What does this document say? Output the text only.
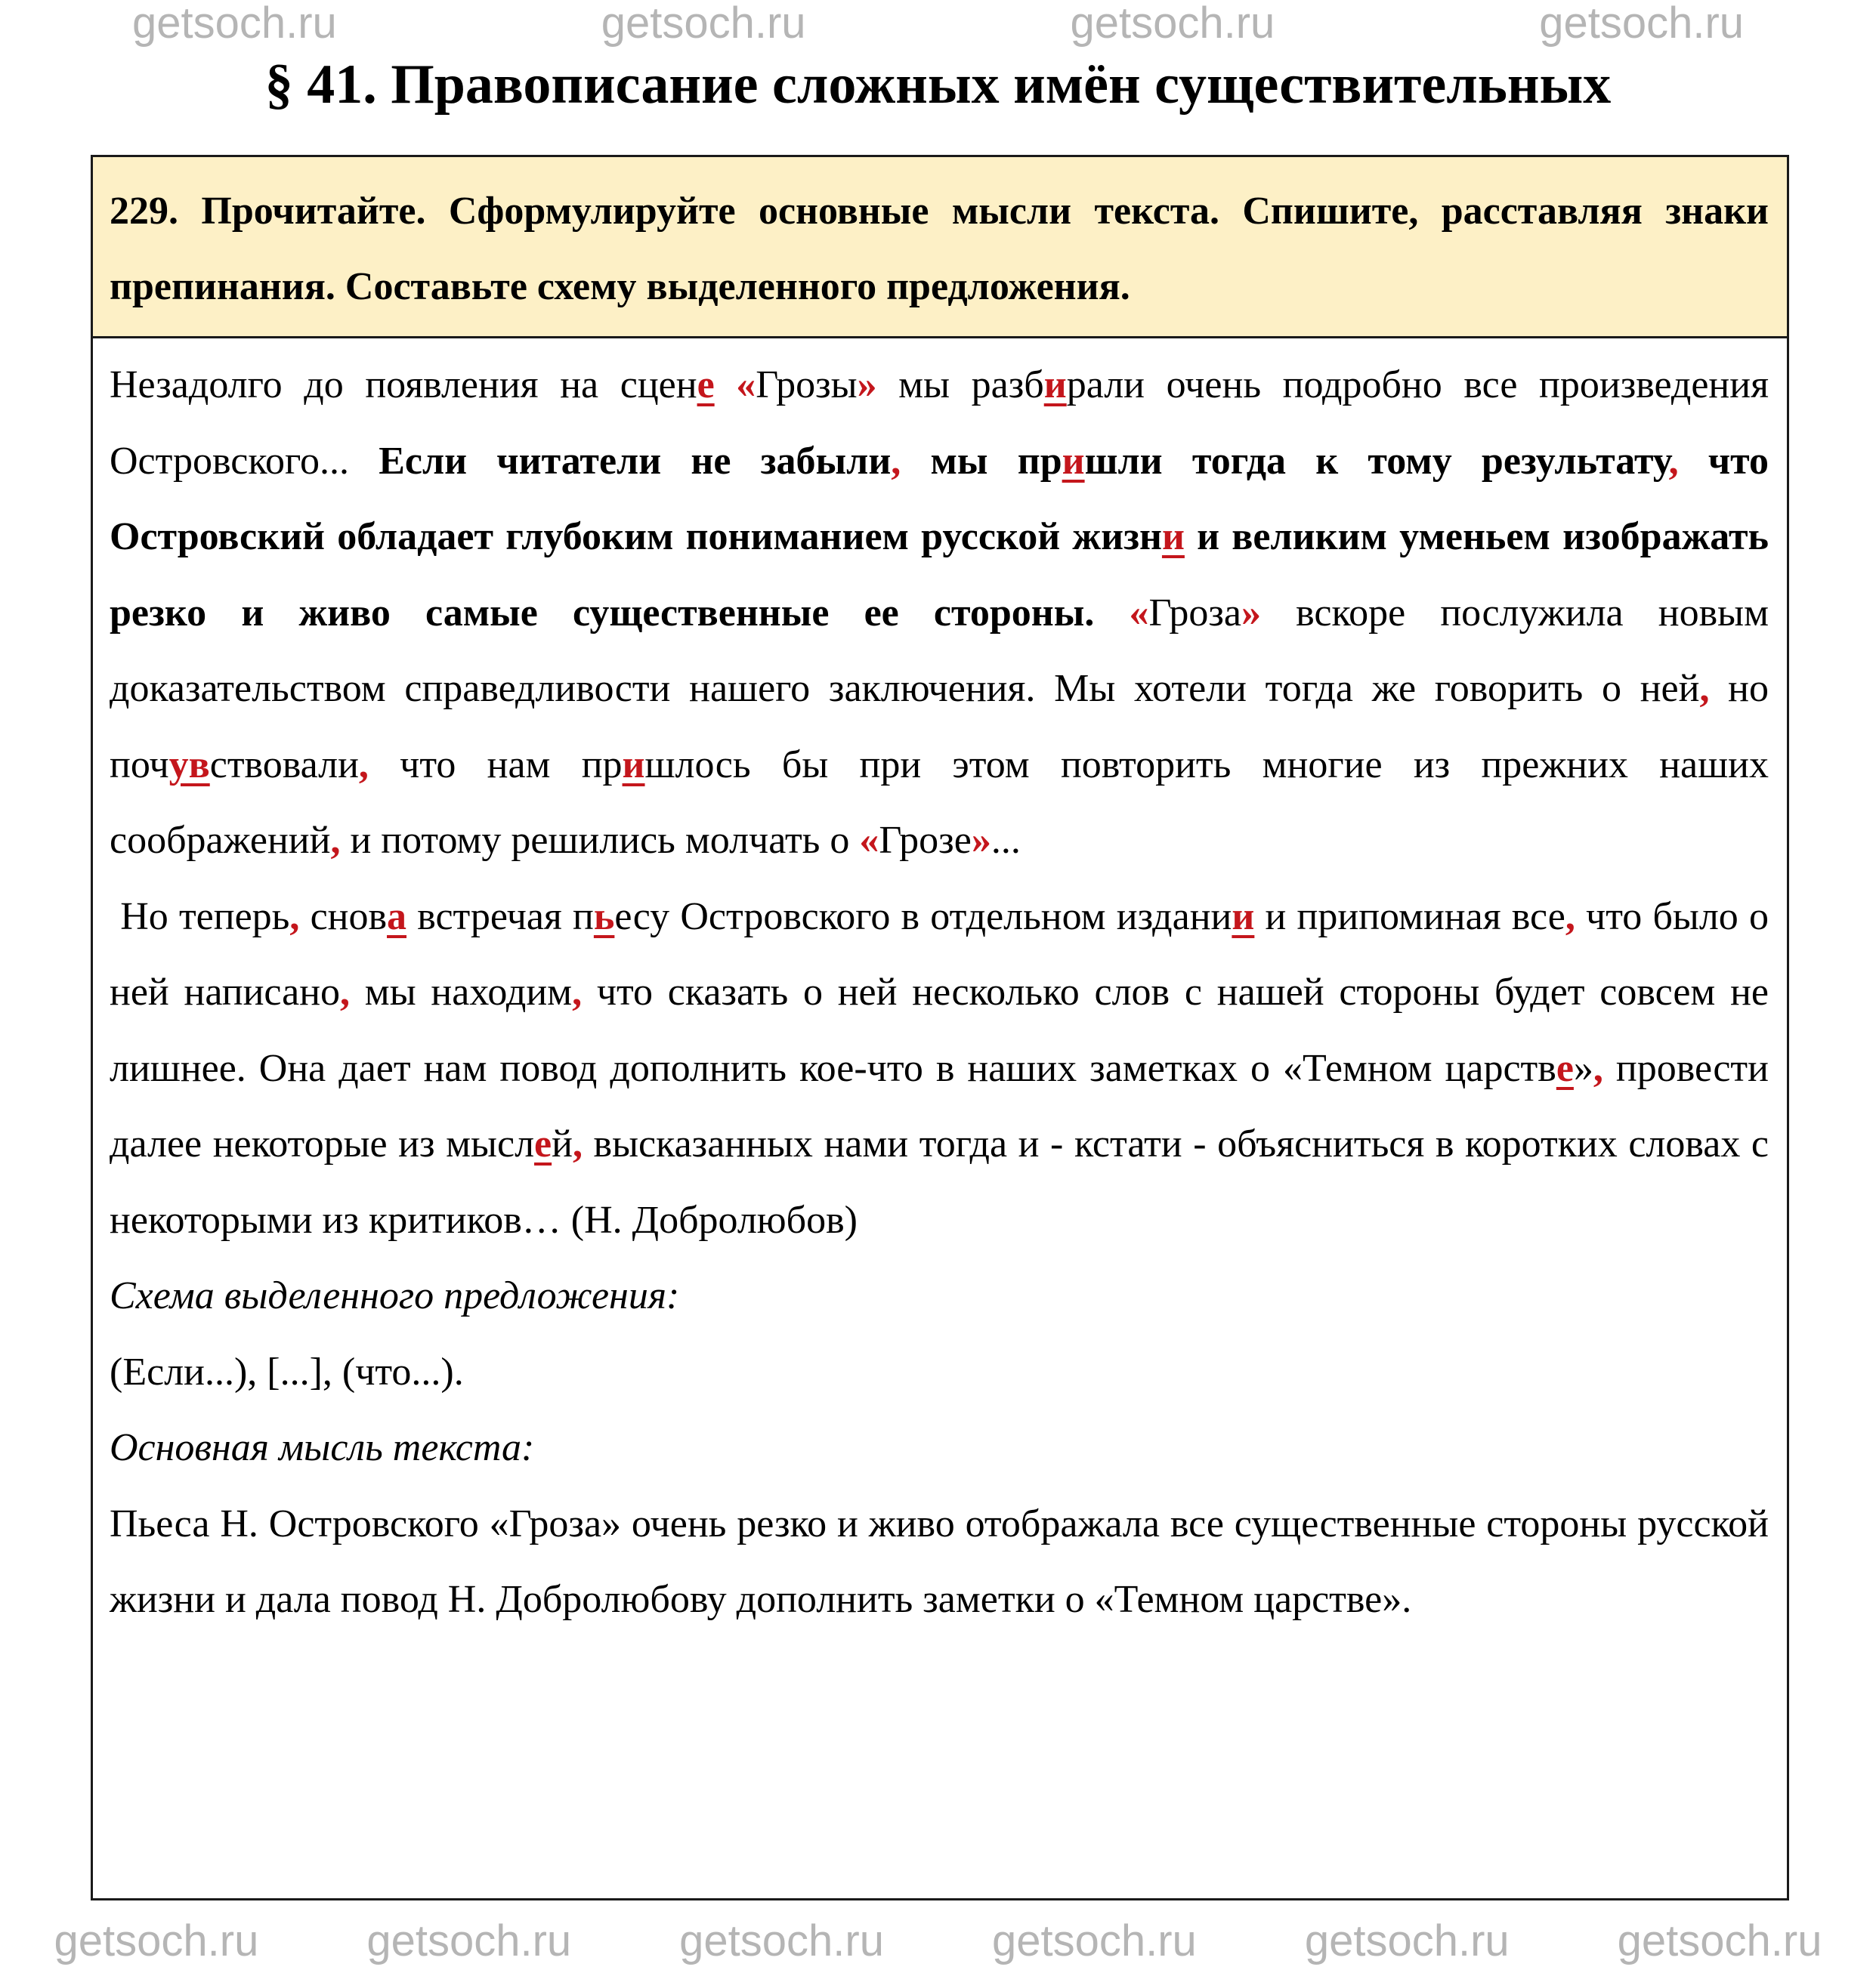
getsoch.ru	getsoch.ru	getsoch.ru	getsoch.ru
§ 41. Правописание сложных имён существительных
229. Прочитайте. Сформулируйте основные мысли текста. Спишите, расставляя знаки препинания. Составьте схему выделенного предложения.

Незадолго до появления на сцене «Грозы» мы разбирали очень подробно все произведения Островского... Если читатели не забыли, мы пришли тогда к тому результату, что Островский обладает глубоким пониманием русской жизни и великим уменьем изображать резко и живо самые существенные ее стороны. «Гроза» вскоре послужила новым доказательством справедливости нашего заключения. Мы хотели тогда же говорить о ней, но почувствовали, что нам пришлось бы при этом повторить многие из прежних наших соображений, и потому решились молчать о «Грозе»...

Но теперь, снова встречая пьесу Островского в отдельном издании и припоминая все, что было о ней написано, мы находим, что сказать о ней несколько слов с нашей стороны будет совсем не лишнее. Она дает нам повод дополнить кое-что в наших заметках о «Темном царстве», провести далее некоторые из мыслей, высказанных нами тогда и - кстати - объясниться в коротких словах с некоторыми из критиков… (Н. Добролюбов)

Схема выделенного предложения:

(Если...), [...], (что...).

Основная мысль текста:

Пьеса Н. Островского «Гроза» очень резко и живо отображала все существенные стороны русской жизни и дала повод Н. Добролюбову дополнить заметки о «Темном царстве».

getsoch.ru getsoch.ru getsoch.ru getsoch.ru getsoch.ru getsoch.ru
